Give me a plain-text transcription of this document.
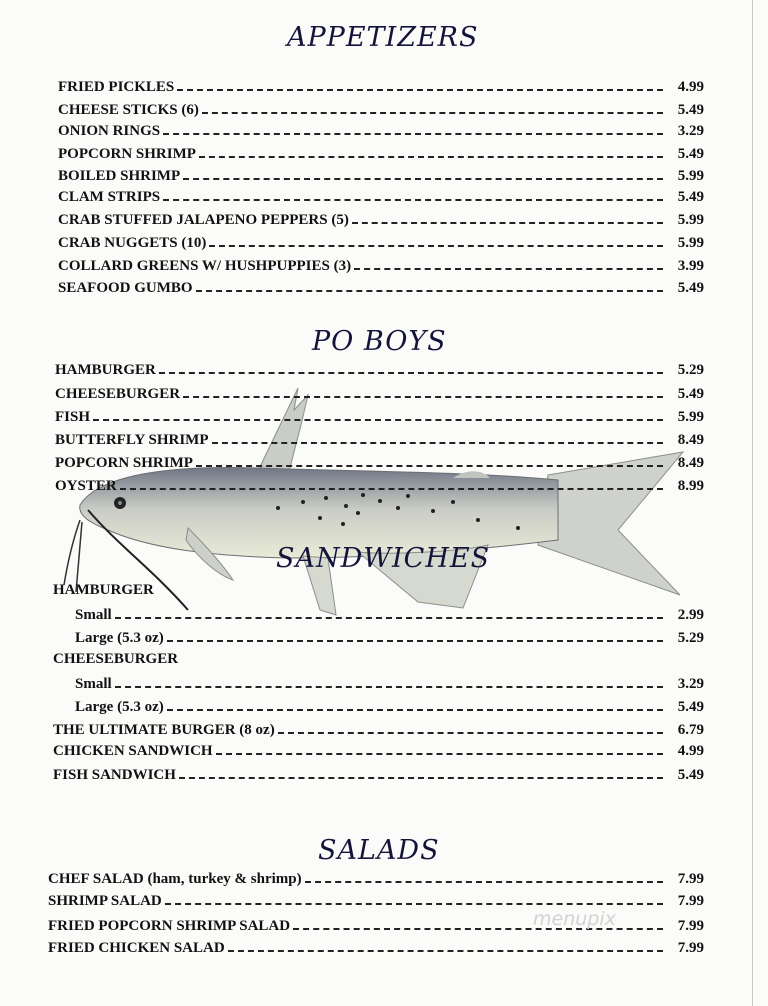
APPETIZERS
FRIED PICKLES	4.99
CHEESE STICKS (6)	5.49
ONION RINGS	3.29
POPCORN SHRIMP	5.49
BOILED SHRIMP	5.99
CLAM STRIPS	5.49
CRAB STUFFED JALAPENO PEPPERS (5)	5.99
CRAB NUGGETS (10)	5.99
COLLARD GREENS W/ HUSHPUPPIES (3)	3.99
SEAFOOD GUMBO	5.49
PO BOYS
HAMBURGER	5.29
CHEESEBURGER	5.49
FISH	5.99
BUTTERFLY SHRIMP	8.49
POPCORN SHRIMP	8.49
OYSTER	8.99
SANDWICHES
HAMBURGER
Small	2.99
Large (5.3 oz)	5.29
CHEESEBURGER
Small	3.29
Large (5.3 oz)	5.49
THE ULTIMATE BURGER (8 oz)	6.79
CHICKEN SANDWICH	4.99
FISH SANDWICH	5.49
SALADS
CHEF SALAD (ham, turkey & shrimp)	7.99
SHRIMP SALAD	7.99
FRIED POPCORN SHRIMP SALAD	7.99
FRIED CHICKEN SALAD	7.99
menupix
